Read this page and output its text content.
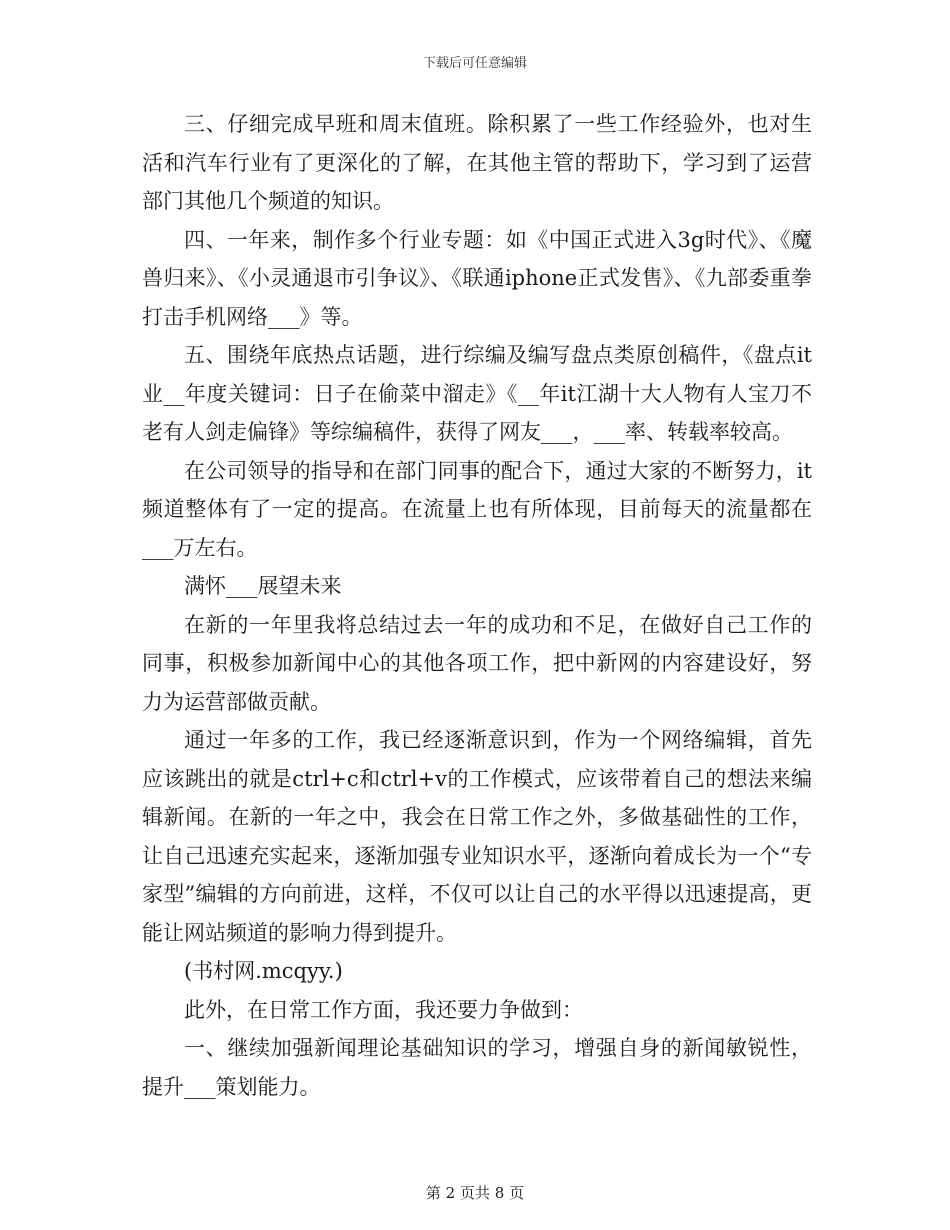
下载后可任意编辑

三、仔细完成早班和周末值班。除积累了一些工作经验外，也对生活和汽车行业有了更深化的了解，在其他主管的帮助下，学习到了运营部门其他几个频道的知识。

四、一年来，制作多个行业专题：如《中国正式进入3g时代》、《魔兽归来》、《小灵通退市引争议》、《联通iphone正式发售》、《九部委重拳打击手机网络___》等。

五、围绕年底热点话题，进行综编及编写盘点类原创稿件，《盘点it业__年度关键词：日子在偷菜中溜走》《__年it江湖十大人物有人宝刀不老有人剑走偏锋》等综编稿件，获得了网友___，___率、转载率较高。

在公司领导的指导和在部门同事的配合下，通过大家的不断努力，it频道整体有了一定的提高。在流量上也有所体现，目前每天的流量都在___万左右。

满怀___展望未来

在新的一年里我将总结过去一年的成功和不足，在做好自己工作的同事，积极参加新闻中心的其他各项工作，把中新网的内容建设好，努力为运营部做贡献。

通过一年多的工作，我已经逐渐意识到，作为一个网络编辑，首先应该跳出的就是ctrl+c和ctrl+v的工作模式，应该带着自己的想法来编辑新闻。在新的一年之中，我会在日常工作之外，多做基础性的工作，让自己迅速充实起来，逐渐加强专业知识水平，逐渐向着成长为一个“专家型”编辑的方向前进，这样，不仅可以让自己的水平得以迅速提高，更能让网站频道的影响力得到提升。

(书村网.mcqyy.)

此外，在日常工作方面，我还要力争做到：

一、继续加强新闻理论基础知识的学习，增强自身的新闻敏锐性，提升___策划能力。

第 2 页共 8 页
